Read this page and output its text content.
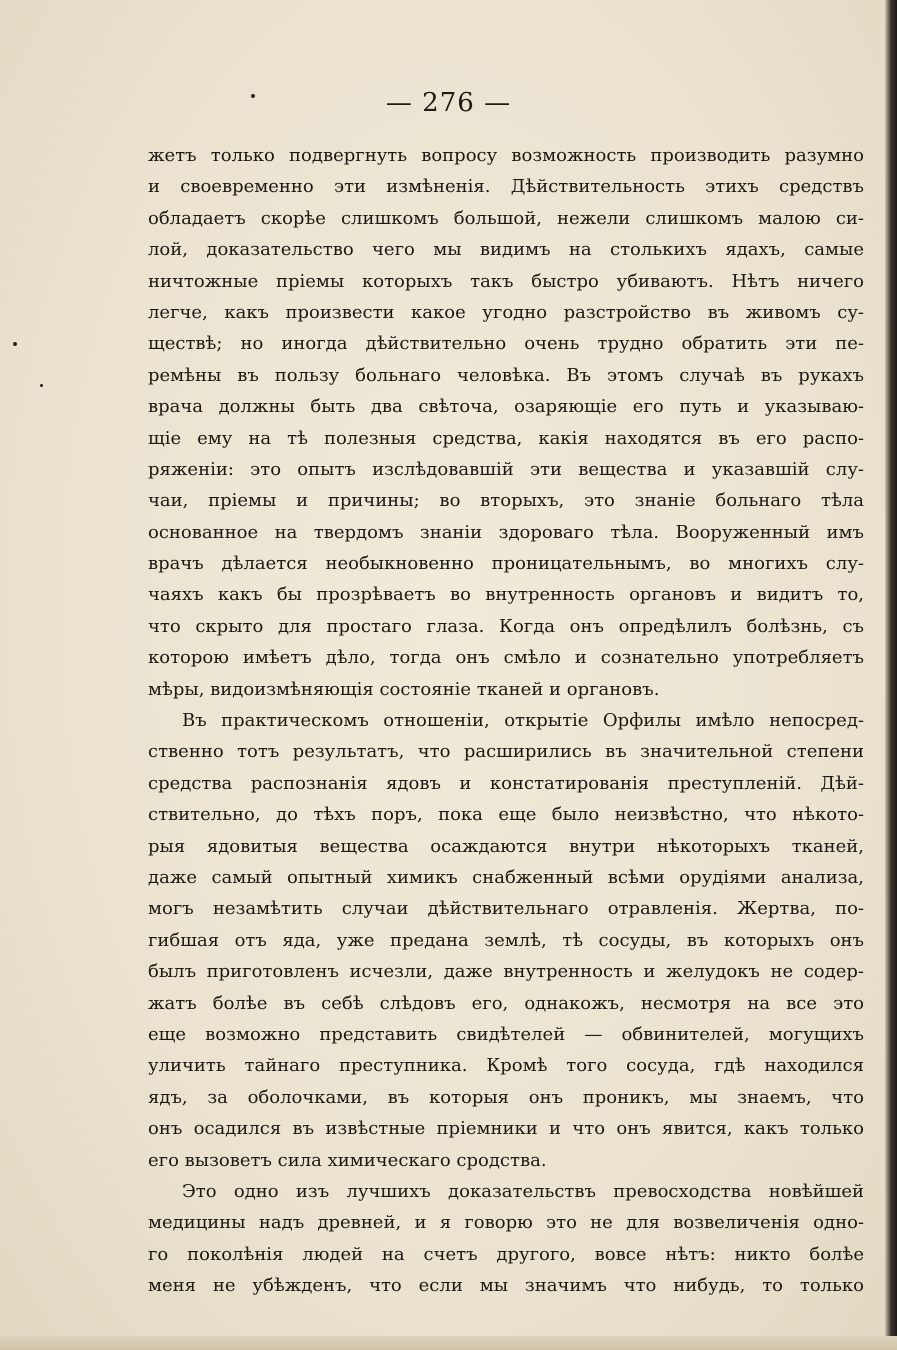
— 276 —
жетъ только подвергнуть вопросу возможность производить разумно
и своевременно эти измѣненія. Дѣйствительность этихъ средствъ
обладаетъ скорѣе слишкомъ большой, нежели слишкомъ малою си-
лой, доказательство чего мы видимъ на столькихъ ядахъ, самые
ничтожные пріемы которыхъ такъ быстро убиваютъ. Нѣтъ ничего
легче, какъ произвести какое угодно разстройство въ живомъ су-
ществѣ; но иногда дѣйствительно очень трудно обратить эти пе-
ремѣны въ пользу больнаго человѣка. Въ этомъ случаѣ въ рукахъ
врача должны быть два свѣточа, озаряющіе его путь и указываю-
щіе ему на тѣ полезныя средства, какія находятся въ его распо-
ряженіи: это опытъ изслѣдовавшій эти вещества и указавшій слу-
чаи, пріемы и причины; во вторыхъ, это знаніе больнаго тѣла
основанное на твердомъ знаніи здороваго тѣла. Вооруженный имъ
врачъ дѣлается необыкновенно проницательнымъ, во многихъ слу-
чаяхъ какъ бы прозрѣваетъ во внутренность органовъ и видитъ то,
что скрыто для простаго глаза. Когда онъ опредѣлилъ болѣзнь, съ
которою имѣетъ дѣло, тогда онъ смѣло и сознательно употребляетъ
мѣры, видоизмѣняющія состояніе тканей и органовъ.
Въ практическомъ отношеніи, открытіе Орфилы имѣло непосред-
ственно тотъ результатъ, что расширились въ значительной степени
средства распознанія ядовъ и констатированія преступленій. Дѣй-
ствительно, до тѣхъ поръ, пока еще было неизвѣстно, что нѣкото-
рыя ядовитыя вещества осаждаются внутри нѣкоторыхъ тканей,
даже самый опытный химикъ снабженный всѣми орудіями анализа,
могъ незамѣтить случаи дѣйствительнаго отравленія. Жертва, по-
гибшая отъ яда, уже предана землѣ, тѣ сосуды, въ которыхъ онъ
былъ приготовленъ исчезли, даже внутренность и желудокъ не содер-
жатъ болѣе въ себѣ слѣдовъ его, однакожъ, несмотря на все это
еще возможно представить свидѣтелей — обвинителей, могущихъ
уличить тайнаго преступника. Кромѣ того сосуда, гдѣ находился
ядъ, за оболочками, въ которыя онъ проникъ, мы знаемъ, что
онъ осадился въ извѣстные пріемники и что онъ явится, какъ только
его вызоветъ сила химическаго сродства.
Это одно изъ лучшихъ доказательствъ превосходства новѣйшей
медицины надъ древней, и я говорю это не для возвеличенія одно-
го поколѣнія людей на счетъ другого, вовсе нѣтъ: никто болѣе
меня не убѣжденъ, что если мы значимъ что нибудь, то только
